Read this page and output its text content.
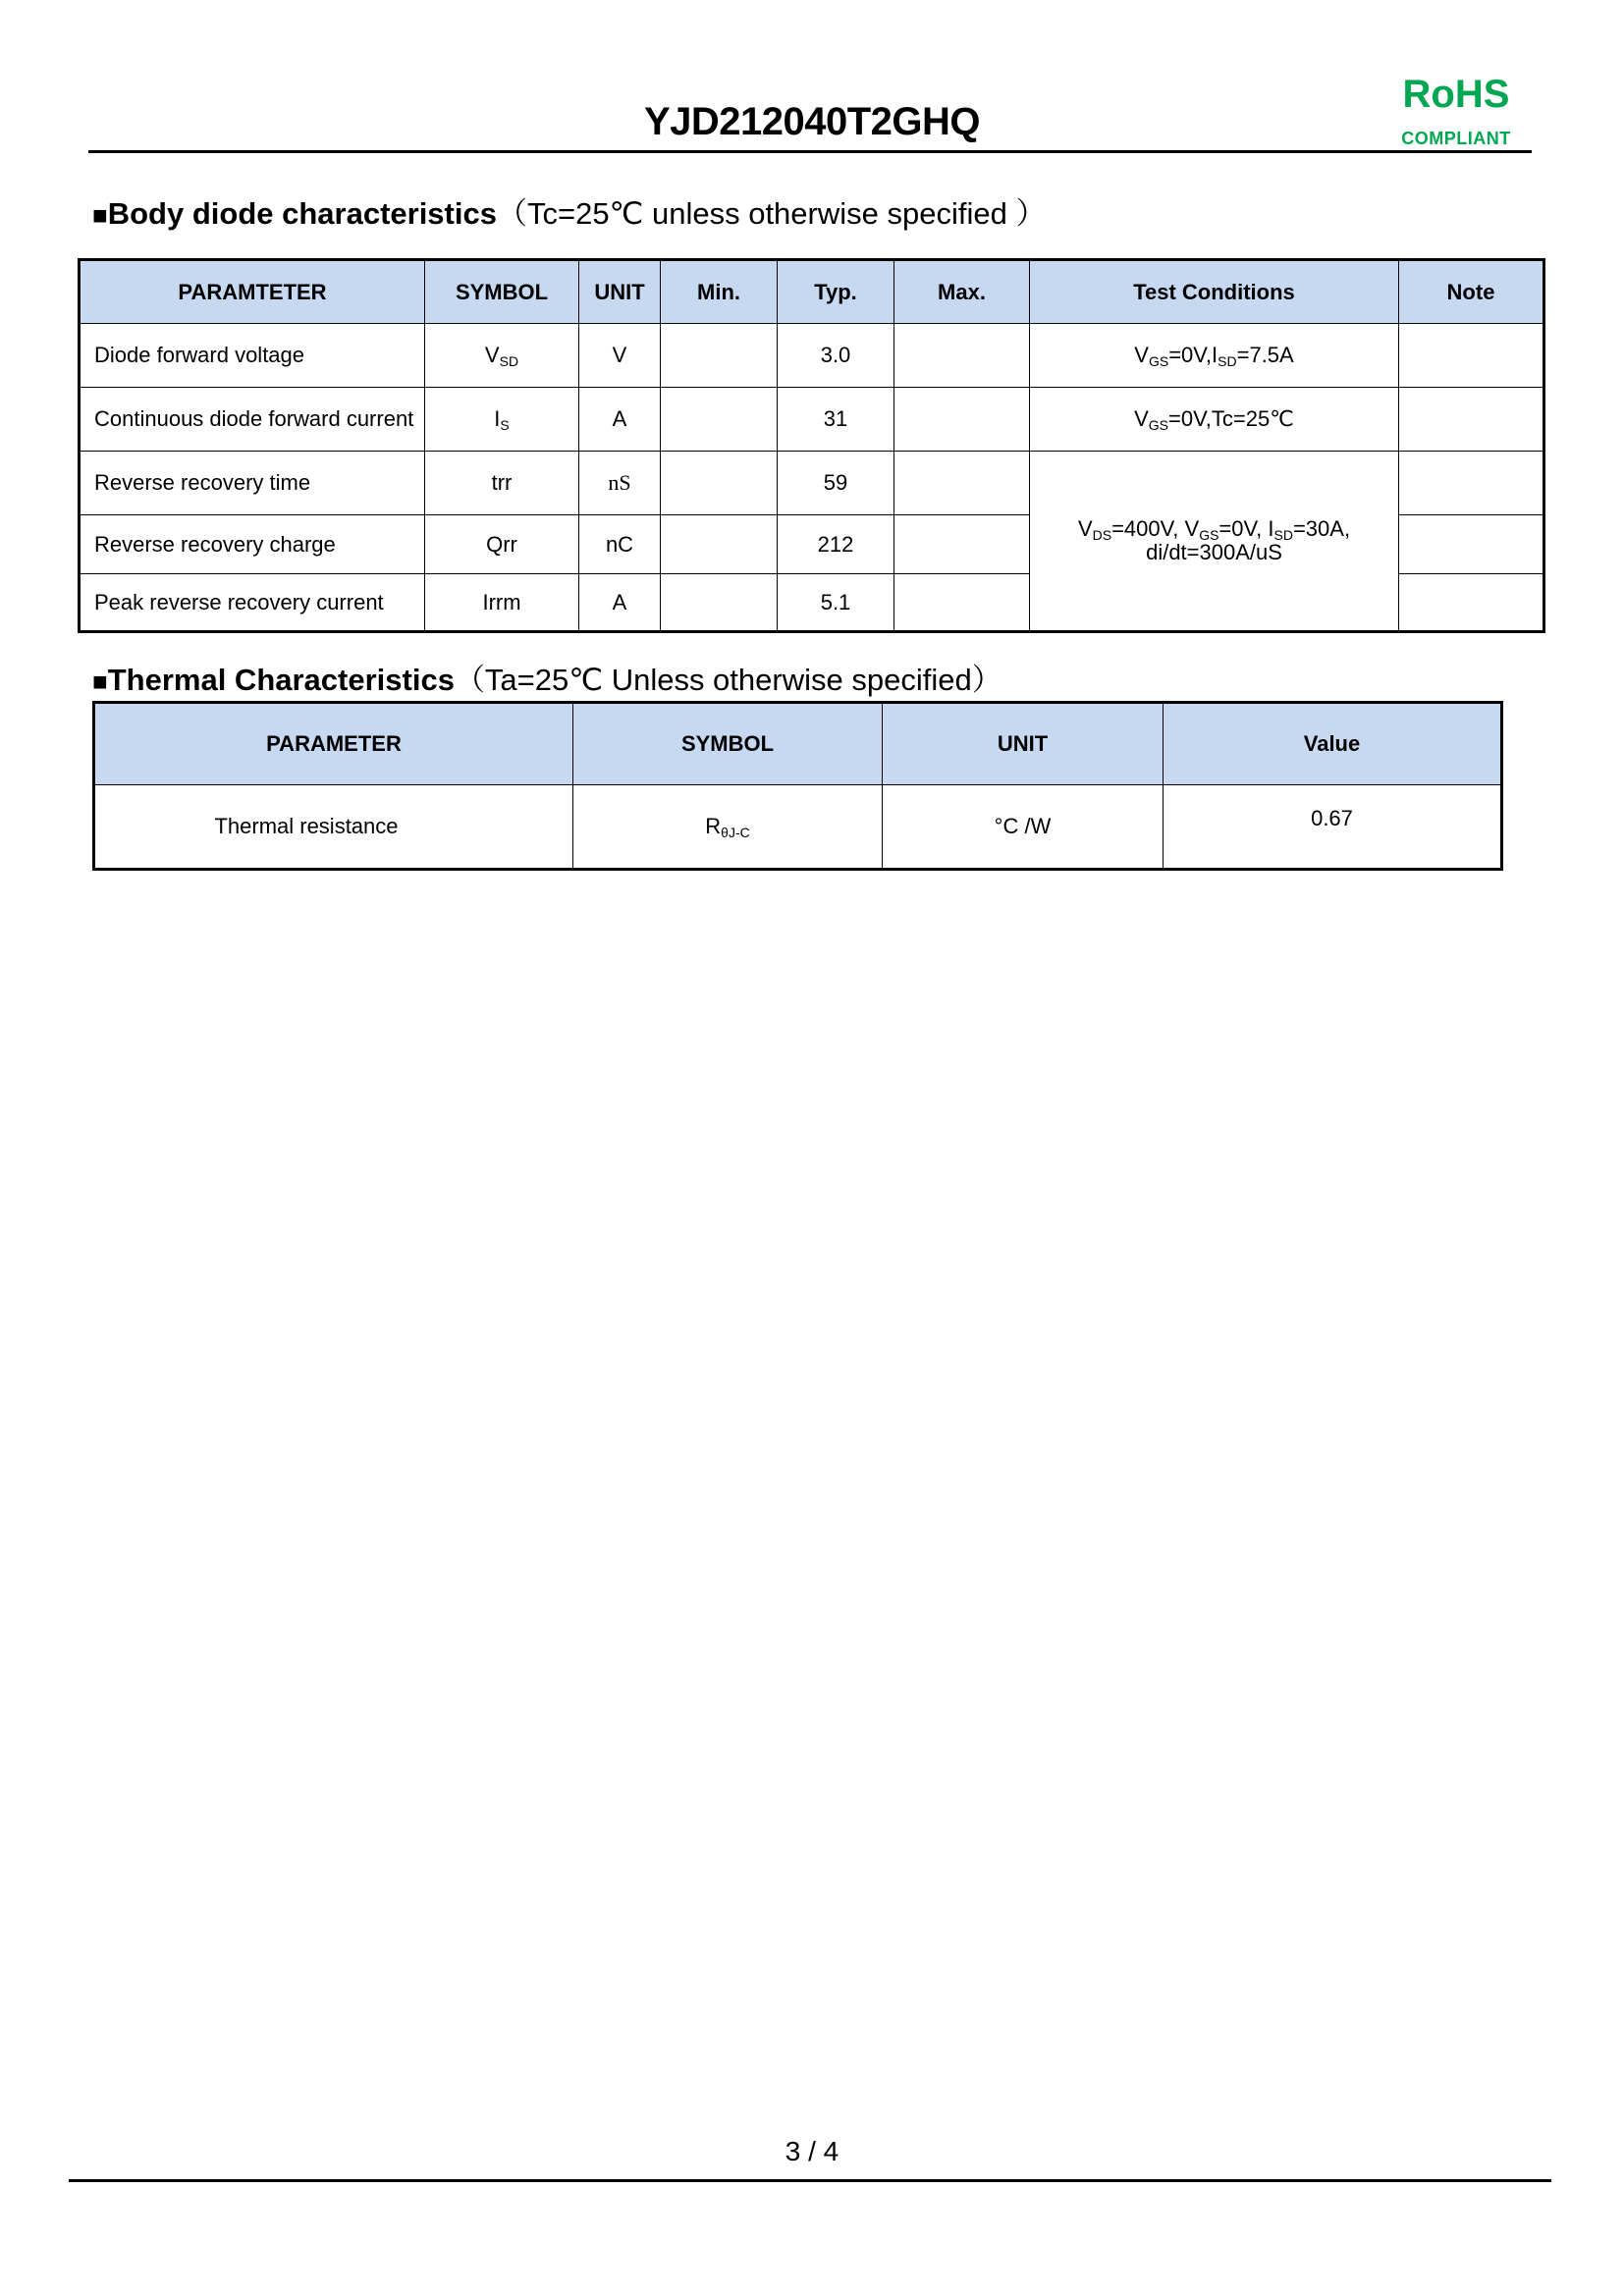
YJD212040T2GHQ
RoHS
COMPLIANT
■Body diode characteristics（Tc=25℃ unless otherwise specified ）
PARAMTETER	SYMBOL	UNIT	Min.	Typ.	Max.	Test Conditions	Note
Diode forward voltage	$V_{SD}$	V		3.0		$V_{GS}=0V,I_{SD}=7.5A$	
Continuous diode forward current	$I_S$	A		31		$V_{GS}=0V,Tc=25℃$	
Reverse recovery time	trr	nS		59		$V_{DS}=400V$, $V_{GS}=0V$, $I_{SD}=30A$,
di/dt=300A/uS	
Reverse recovery charge	Qrr	nC		212			
Peak reverse recovery current	Irrm	A		5.1			
■Thermal Characteristics（Ta=25℃ Unless otherwise specified）
PARAMETER	SYMBOL	UNIT	Value
Thermal resistance	$R_{\theta J-C}$	°C /W	0.67
3 / 4
